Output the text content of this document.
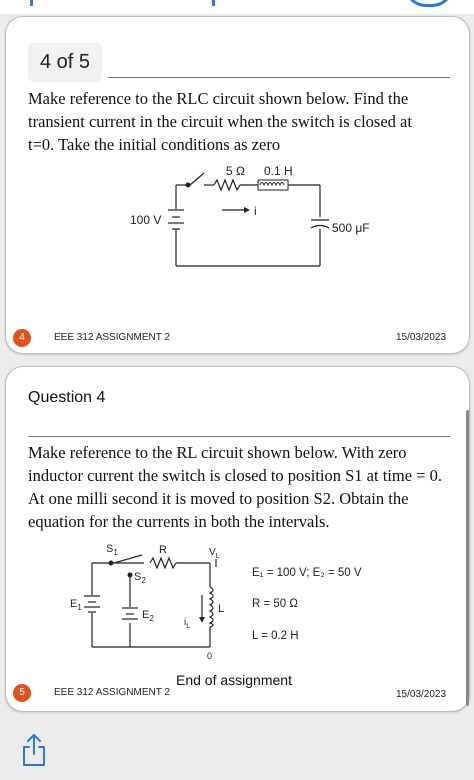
4 of 5
Make reference to the RLC circuit shown below. Find the
transient current in the circuit when the switch is closed at
t=0. Take the initial conditions as zero
5 Ω 0.1 H
100 V
500 μF
i
4	EEE 312 ASSIGNMENT 2	15/03/2023
Question 4
Make reference to the RL circuit shown below. With zero
inductor current the switch is closed to position S1 at time = 0.
At one milli second it is moved to position S2. Obtain the
equation for the currents in both the intervals.
$S_1$
$S_2$
R	$V_L$
$E_1$
$E_2$
L
$i_L$
0
E₁ = 100 V; E₂ = 50 V
R = 50 Ω
L = 0.2 H
End of assignment
5	EEE 312 ASSIGNMENT 2	15/03/2023
